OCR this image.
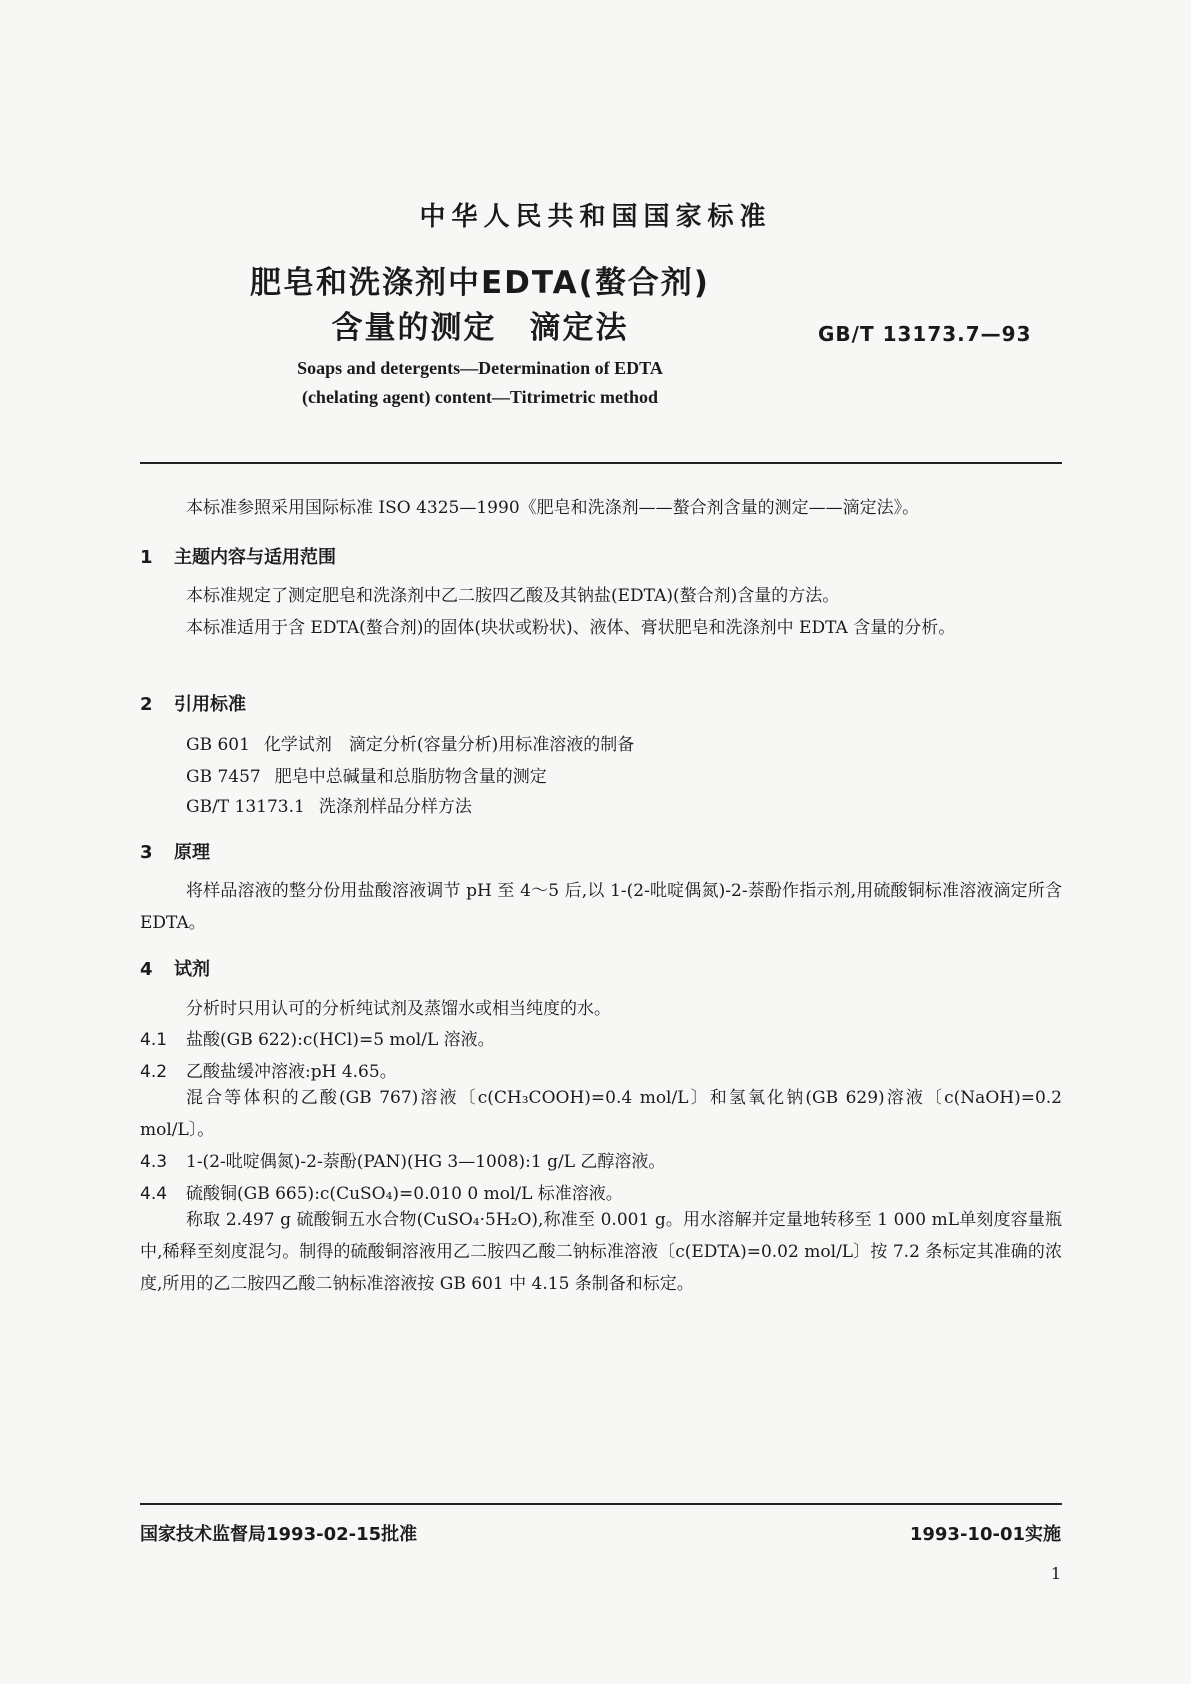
中华人民共和国国家标准
肥皂和洗涤剂中EDTA(螯合剂)
含量的测定　滴定法	GB/T 13173.7—93
Soaps and detergents—Determination of EDTA
(chelating agent) content—Titrimetric method
本标准参照采用国际标准 ISO 4325—1990《肥皂和洗涤剂——螯合剂含量的测定——滴定法》。
1 主题内容与适用范围
本标准规定了测定肥皂和洗涤剂中乙二胺四乙酸及其钠盐(EDTA)(螯合剂)含量的方法。
本标准适用于含 EDTA(螯合剂)的固体(块状或粉状)、液体、膏状肥皂和洗涤剂中 EDTA 含量的分析。
2 引用标准
GB 601 化学试剂　滴定分析(容量分析)用标准溶液的制备
GB 7457 肥皂中总碱量和总脂肪物含量的测定
GB/T 13173.1 洗涤剂样品分样方法
3 原理
将样品溶液的整分份用盐酸溶液调节 pH 至 4～5 后,以 1-(2-吡啶偶氮)-2-萘酚作指示剂,用硫酸铜标准溶液滴定所含 EDTA。
4 试剂
分析时只用认可的分析纯试剂及蒸馏水或相当纯度的水。
4.1 盐酸(GB 622):c(HCl)=5 mol/L 溶液。
4.2 乙酸盐缓冲溶液:pH 4.65。
混合等体积的乙酸(GB 767)溶液〔c(CH₃COOH)=0.4 mol/L〕和氢氧化钠(GB 629)溶液〔c(NaOH)=0.2 mol/L〕。
4.3 1-(2-吡啶偶氮)-2-萘酚(PAN)(HG 3—1008):1 g/L 乙醇溶液。
4.4 硫酸铜(GB 665):c(CuSO₄)=0.010 0 mol/L 标准溶液。
称取 2.497 g 硫酸铜五水合物(CuSO₄·5H₂O),称准至 0.001 g。用水溶解并定量地转移至 1 000 mL单刻度容量瓶中,稀释至刻度混匀。制得的硫酸铜溶液用乙二胺四乙酸二钠标准溶液〔c(EDTA)=0.02 mol/L〕按 7.2 条标定其准确的浓度,所用的乙二胺四乙酸二钠标准溶液按 GB 601 中 4.15 条制备和标定。
国家技术监督局1993-02-15批准	1993-10-01实施
1
